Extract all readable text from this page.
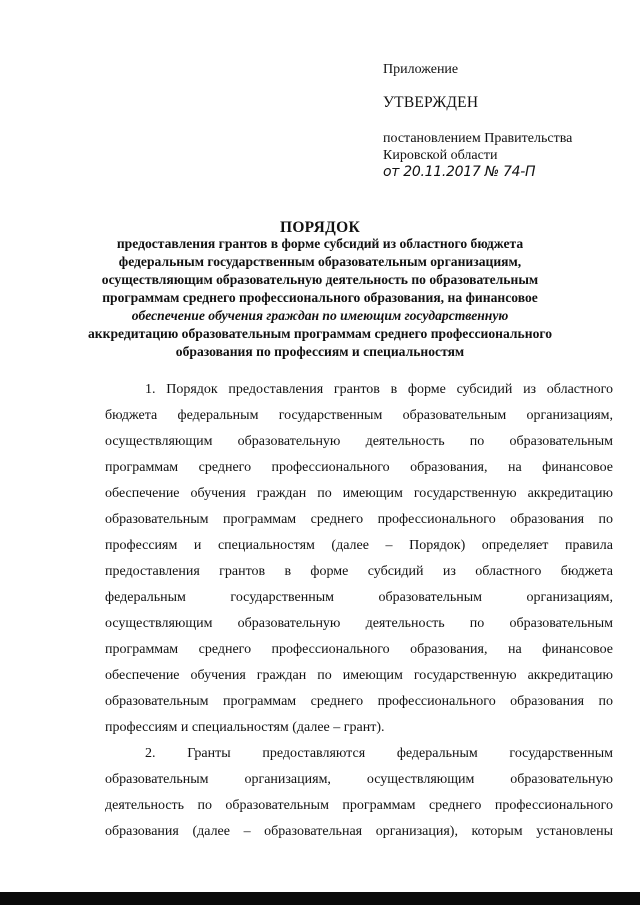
Приложение
УТВЕРЖДЕН
постановлением Правительства
Кировской области
от 20.11.2017 № 74-П
ПОРЯДОК
предоставления грантов в форме субсидий из областного бюджета
федеральным государственным образовательным организациям,
осуществляющим образовательную деятельность по образовательным
программам среднего профессионального образования, на финансовое
обеспечение обучения граждан по имеющим государственную
аккредитацию образовательным программам среднего профессионального
образования по профессиям и специальностям
1. Порядок предоставления грантов в форме субсидий из областного
бюджета федеральным государственным образовательным организациям,
осуществляющим образовательную деятельность по образовательным
программам среднего профессионального образования, на финансовое
обеспечение обучения граждан по имеющим государственную аккредитацию
образовательным программам среднего профессионального образования по
профессиям и специальностям (далее – Порядок) определяет правила
предоставления грантов в форме субсидий из областного бюджета
федеральным государственным образовательным организациям,
осуществляющим образовательную деятельность по образовательным
программам среднего профессионального образования, на финансовое
обеспечение обучения граждан по имеющим государственную аккредитацию
образовательным программам среднего профессионального образования по
профессиям и специальностям (далее – грант).
2. Гранты предоставляются федеральным государственным
образовательным организациям, осуществляющим образовательную
деятельность по образовательным программам среднего профессионального
образования (далее – образовательная организация), которым установлены
